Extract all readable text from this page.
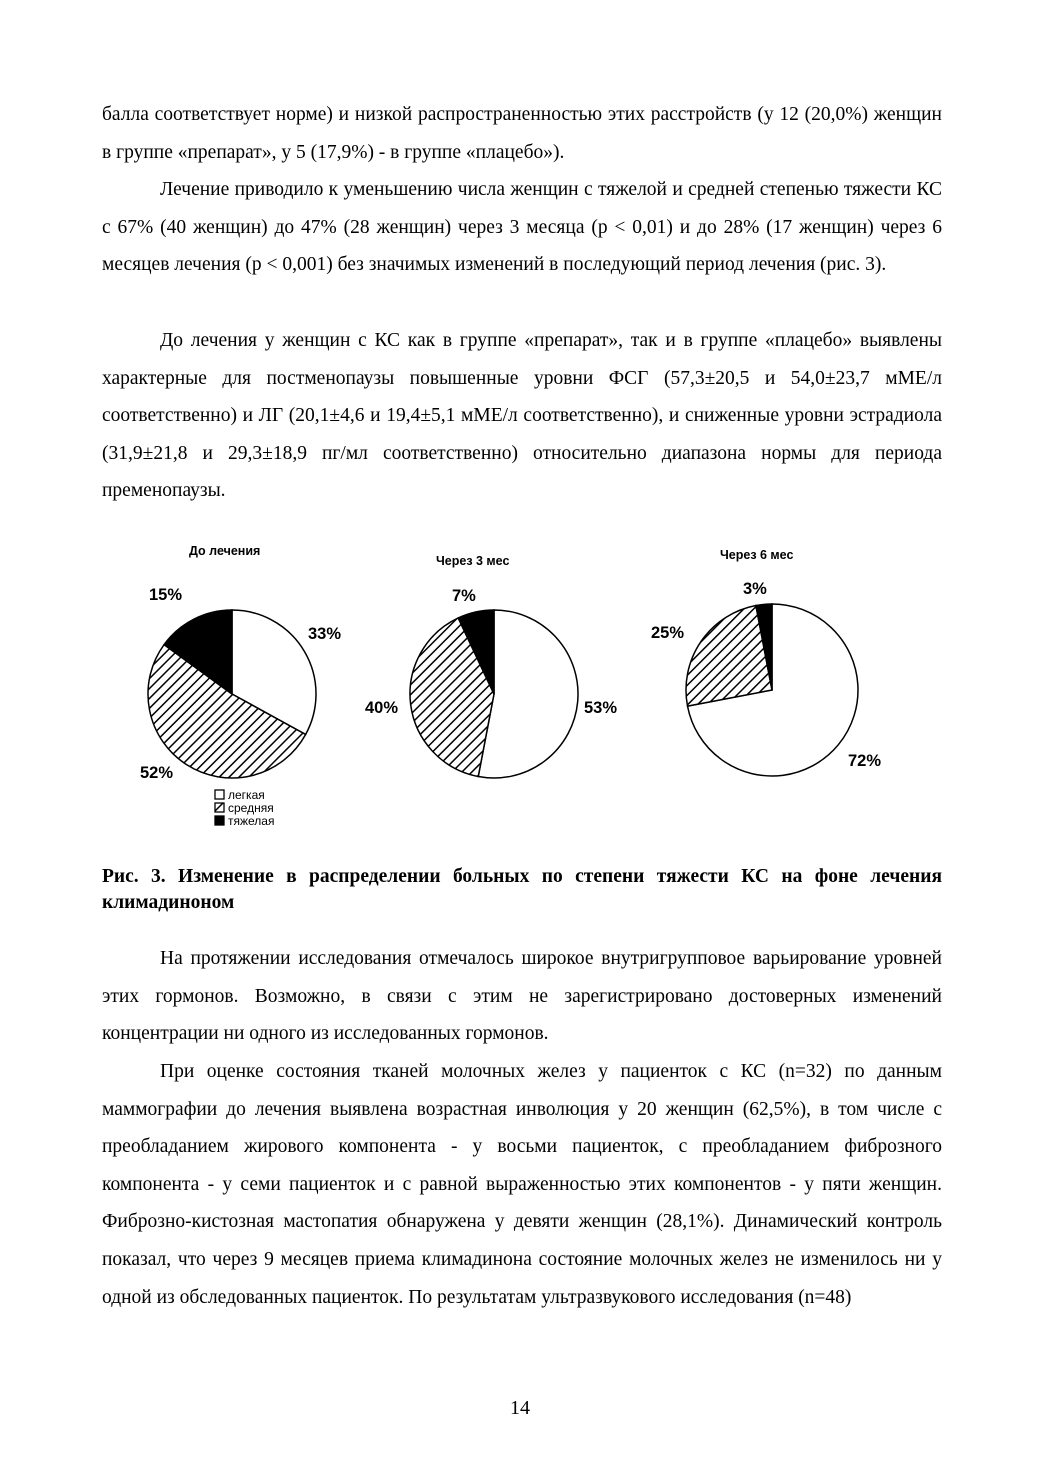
балла соответствует норме) и низкой распространенностью этих расстройств (у 12 (20,0%) женщин в группе «препарат», у 5 (17,9%) - в группе «плацебо»).

Лечение приводило к уменьшению числа женщин с тяжелой и средней степенью тяжести КС с 67% (40 женщин) до 47% (28 женщин) через 3 месяца (р < 0,01) и до 28% (17 женщин) через 6 месяцев лечения (р < 0,001) без значимых изменений в последующий период лечения (рис. 3).

До лечения у женщин с КС как в группе «препарат», так и в группе «плацебо» выявлены характерные для постменопаузы повышенные уровни ФСГ (57,3±20,5 и 54,0±23,7 мМЕ/л соответственно) и ЛГ (20,1±4,6 и 19,4±5,1 мМЕ/л соответственно), и сниженные уровни эстрадиола (31,9±21,8 и 29,3±18,9 пг/мл соответственно) относительно диапазона нормы для периода пременопаузы.

До лечения
33%
52%
15%
легкая
средняя
тяжелая
Через 3 мес
53%
40%
7%
Через 6 мес
72%
25%
3%

Рис. 3. Изменение в распределении больных по степени тяжести КС на фоне лечения климадиноном

На протяжении исследования отмечалось широкое внутригрупповое варьирование уровней этих гормонов. Возможно, в связи с этим не зарегистрировано достоверных изменений концентрации ни одного из исследованных гормонов.

При оценке состояния тканей молочных желез у пациенток с КС (n=32) по данным маммографии до лечения выявлена возрастная инволюция у 20 женщин (62,5%), в том числе с преобладанием жирового компонента - у восьми пациенток, с преобладанием фиброзного компонента - у семи пациенток и с равной выраженностью этих компонентов - у пяти женщин. Фиброзно-кистозная мастопатия обнаружена у девяти женщин (28,1%). Динамический контроль показал, что через 9 месяцев приема климадинона состояние молочных желез не изменилось ни у одной из обследованных пациенток. По результатам ультразвукового исследования (n=48)

14
